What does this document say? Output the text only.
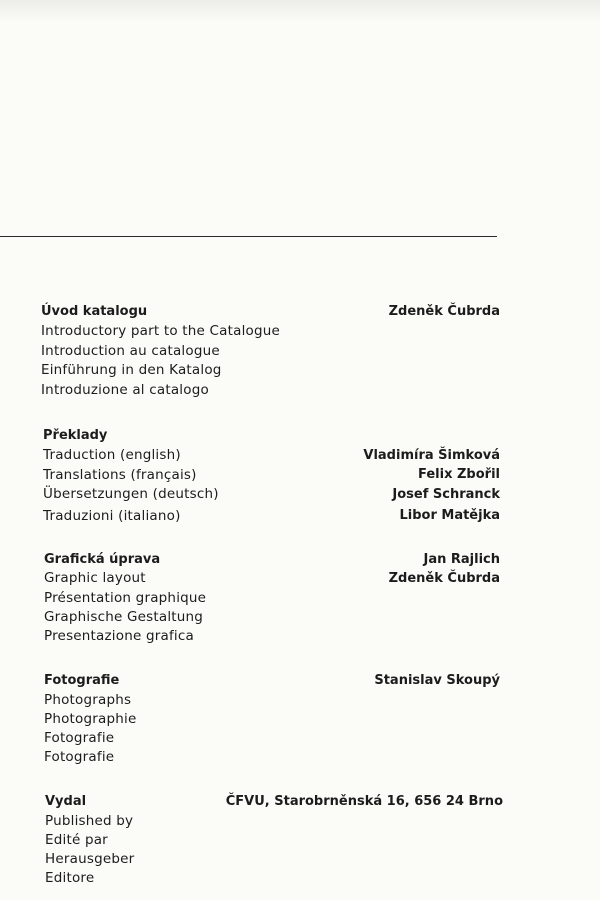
Úvod katalogu
Introductory part to the Catalogue
Introduction au catalogue
Einführung in den Katalog
Introduzione al catalogo
Zdeněk Čubrda
Překlady
Traduction (english)
Translations (français)
Übersetzungen (deutsch)
Traduzioni (italiano)
Vladimíra Šimková
Felix Zbořil
Josef Schranck
Libor Matějka
Grafická úprava
Graphic layout
Présentation graphique
Graphische Gestaltung
Presentazione grafica
Jan Rajlich
Zdeněk Čubrda
Fotografie
Photographs
Photographie
Fotografie
Fotografie
Stanislav Skoupý
Vydal
Published by
Edité par
Herausgeber
Editore
ČFVU, Starobrněnská 16, 656 24 Brno
